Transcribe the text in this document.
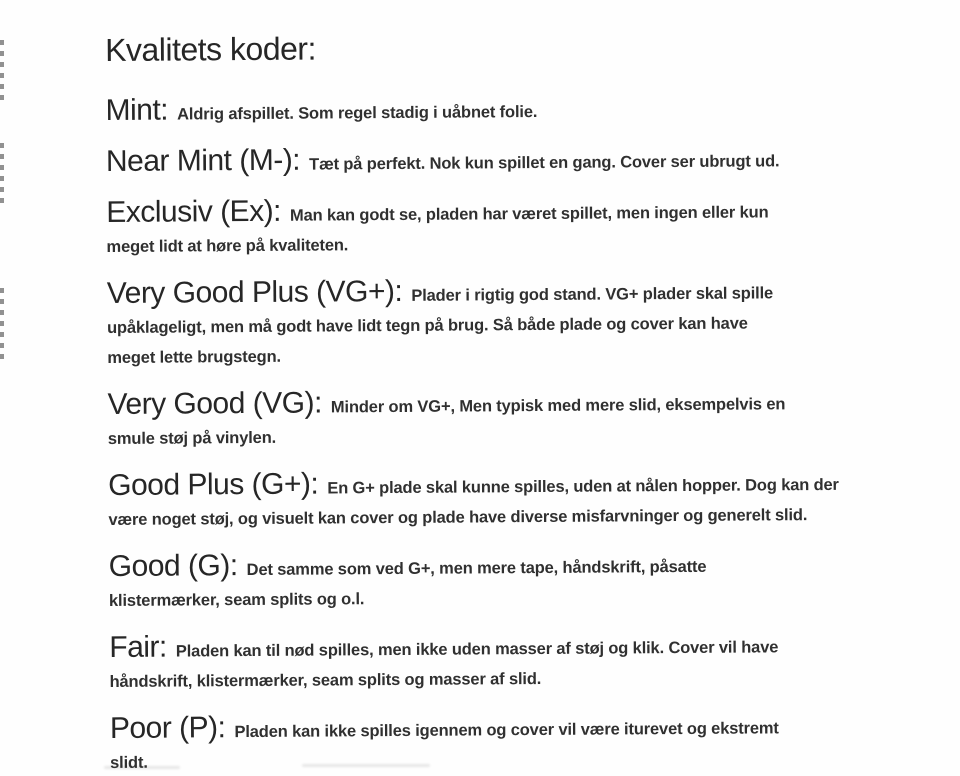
Kvalitets koder:

Mint: Aldrig afspillet. Som regel stadig i uåbnet folie.

Near Mint (M-): Tæt på perfekt. Nok kun spillet en gang. Cover ser ubrugt ud.

Exclusiv (Ex): Man kan godt se, pladen har været spillet, men ingen eller kun
meget lidt at høre på kvaliteten.

Very Good Plus (VG+): Plader i rigtig god stand. VG+ plader skal spille
upåklageligt, men må godt have lidt tegn på brug. Så både plade og cover kan have
meget lette brugstegn.

Very Good (VG): Minder om VG+, Men typisk med mere slid, eksempelvis en
smule støj på vinylen.

Good Plus (G+): En G+ plade skal kunne spilles, uden at nålen hopper. Dog kan der
være noget støj, og visuelt kan cover og plade have diverse misfarvninger og generelt slid.

Good (G): Det samme som ved G+, men mere tape, håndskrift, påsatte
klistermærker, seam splits og o.l.

Fair: Pladen kan til nød spilles, men ikke uden masser af støj og klik. Cover vil have
håndskrift, klistermærker, seam splits og masser af slid.

Poor (P): Pladen kan ikke spilles igennem og cover vil være iturevet og ekstremt
slidt.
